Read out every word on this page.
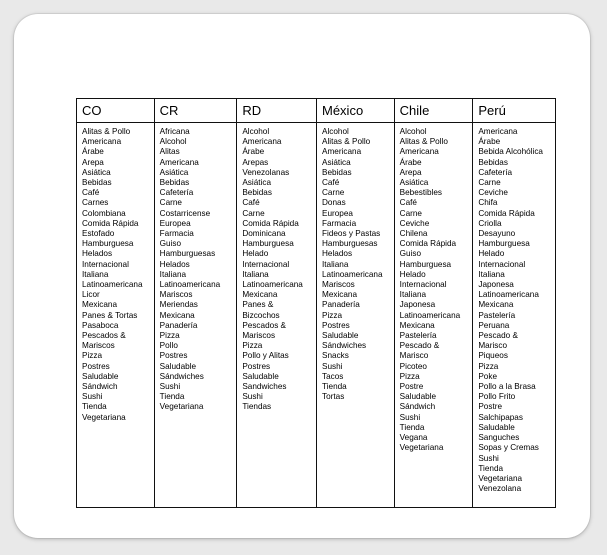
CO
Alitas & Pollo
Americana
Árabe
Arepa
Asiática
Bebidas
Café
Carnes
Colombiana
Comida Rápida
Estofado
Hamburguesa
Helados
Internacional
Italiana
Latinoamericana
Licor
Mexicana
Panes & Tortas
Pasaboca
Pescados &
Mariscos
Pizza
Postres
Saludable
Sándwich
Sushi
Tienda
Vegetariana
CR
Africana
Alcohol
Alitas
Americana
Asiática
Bebidas
Cafetería
Carne
Costarricense
Europea
Farmacia
Guiso
Hamburguesas
Helados
Italiana
Latinoamericana
Mariscos
Meriendas
Mexicana
Panadería
Pizza
Pollo
Postres
Saludable
Sándwiches
Sushi
Tienda
Vegetariana
RD
Alcohol
Americana
Árabe
Arepas
Venezolanas
Asiática
Bebidas
Café
Carne
Comida Rápida
Dominicana
Hamburguesa
Helado
Internacional
Italiana
Latinoamericana
Mexicana
Panes &
Bizcochos
Pescados &
Mariscos
Pizza
Pollo y Alitas
Postres
Saludable
Sandwiches
Sushi
Tiendas
México
Alcohol
Alitas & Pollo
Americana
Asiática
Bebidas
Café
Carne
Donas
Europea
Farmacia
Fideos y Pastas
Hamburguesas
Helados
Italiana
Latinoamericana
Mariscos
Mexicana
Panadería
Pizza
Postres
Saludable
Sándwiches
Snacks
Sushi
Tacos
Tienda
Tortas
Chile
Alcohol
Alitas & Pollo
Americana
Árabe
Arepa
Asiática
Bebestibles
Café
Carne
Ceviche
Chilena
Comida Rápida
Guiso
Hamburguesa
Helado
Internacional
Italiana
Japonesa
Latinoamericana
Mexicana
Pastelería
Pescado &
Marisco
Picoteo
Pizza
Postre
Saludable
Sándwich
Sushi
Tienda
Vegana
Vegetariana
Perú
Americana
Árabe
Bebida Alcohólica
Bebidas
Cafetería
Carne
Ceviche
Chifa
Comida Rápida
Criolla
Desayuno
Hamburguesa
Helado
Internacional
Italiana
Japonesa
Latinoamericana
Mexicana
Pastelería
Peruana
Pescado &
Marisco
Piqueos
Pizza
Poke
Pollo a la Brasa
Pollo Frito
Postre
Salchipapas
Saludable
Sanguches
Sopas y Cremas
Sushi
Tienda
Vegetariana
Venezolana
